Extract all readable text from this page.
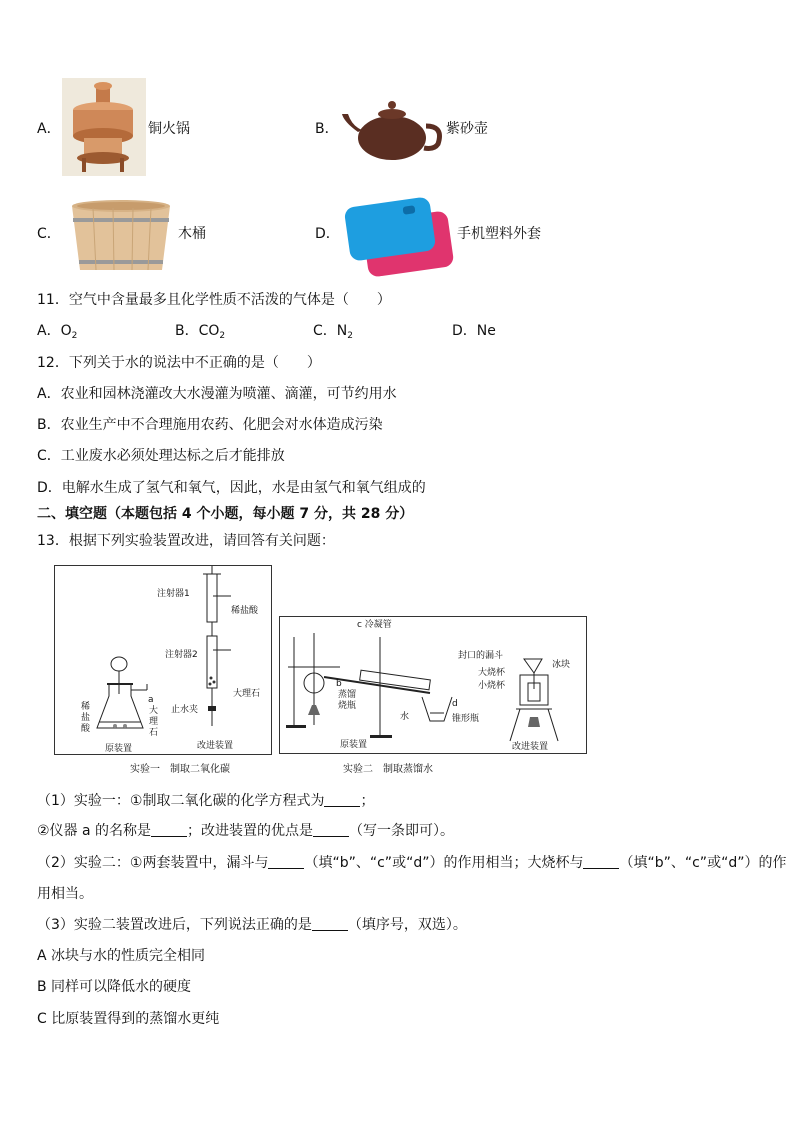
A．	铜火锅	B．	紫砂壶
C．	木桶	D．	手机塑料外套
11．空气中含量最多且化学性质不活泼的气体是（　　）
A．$O_2$	B．$CO_2$	C．$N_2$	D．Ne
12．下列关于水的说法中不正确的是（　　）
A．农业和园林浇灌改大水漫灌为喷灌、滴灌，可节约用水
B．农业生产中不合理施用农药、化肥会对水体造成污染
C．工业废水必须处理达标之后才能排放
D．电解水生成了氢气和氧气，因此，水是由氢气和氧气组成的
二、填空题（本题包括 4 个小题，每小题 7 分，共 28 分）
13．根据下列实验装置改进，请回答有关问题：
注射器1
稀盐酸
注射器2
大理石
止水夹
a
大
理
石
稀
盐
酸
原装置	改进装置
实验一　制取二氧化碳
c 冷凝管
b
蒸馏
烧瓶
水
d
锥形瓶
封口的漏斗
冰块
大烧杯
小烧杯
原装置	改进装置
实验二　制取蒸馏水
（1）实验一：①制取二氧化碳的化学方程式为	；
②仪器 a 的名称是	；改进装置的优点是	（写一条即可）。
（2）实验二：①两套装置中，漏斗与	（填“b”、“c”或“d”）的作用相当；大烧杯与	（填“b”、“c”或“d”）的作
用相当。
（3）实验二装置改进后，下列说法正确的是	（填序号，双选）。
A 冰块与水的性质完全相同
B 同样可以降低水的硬度
C 比原装置得到的蒸馏水更纯
